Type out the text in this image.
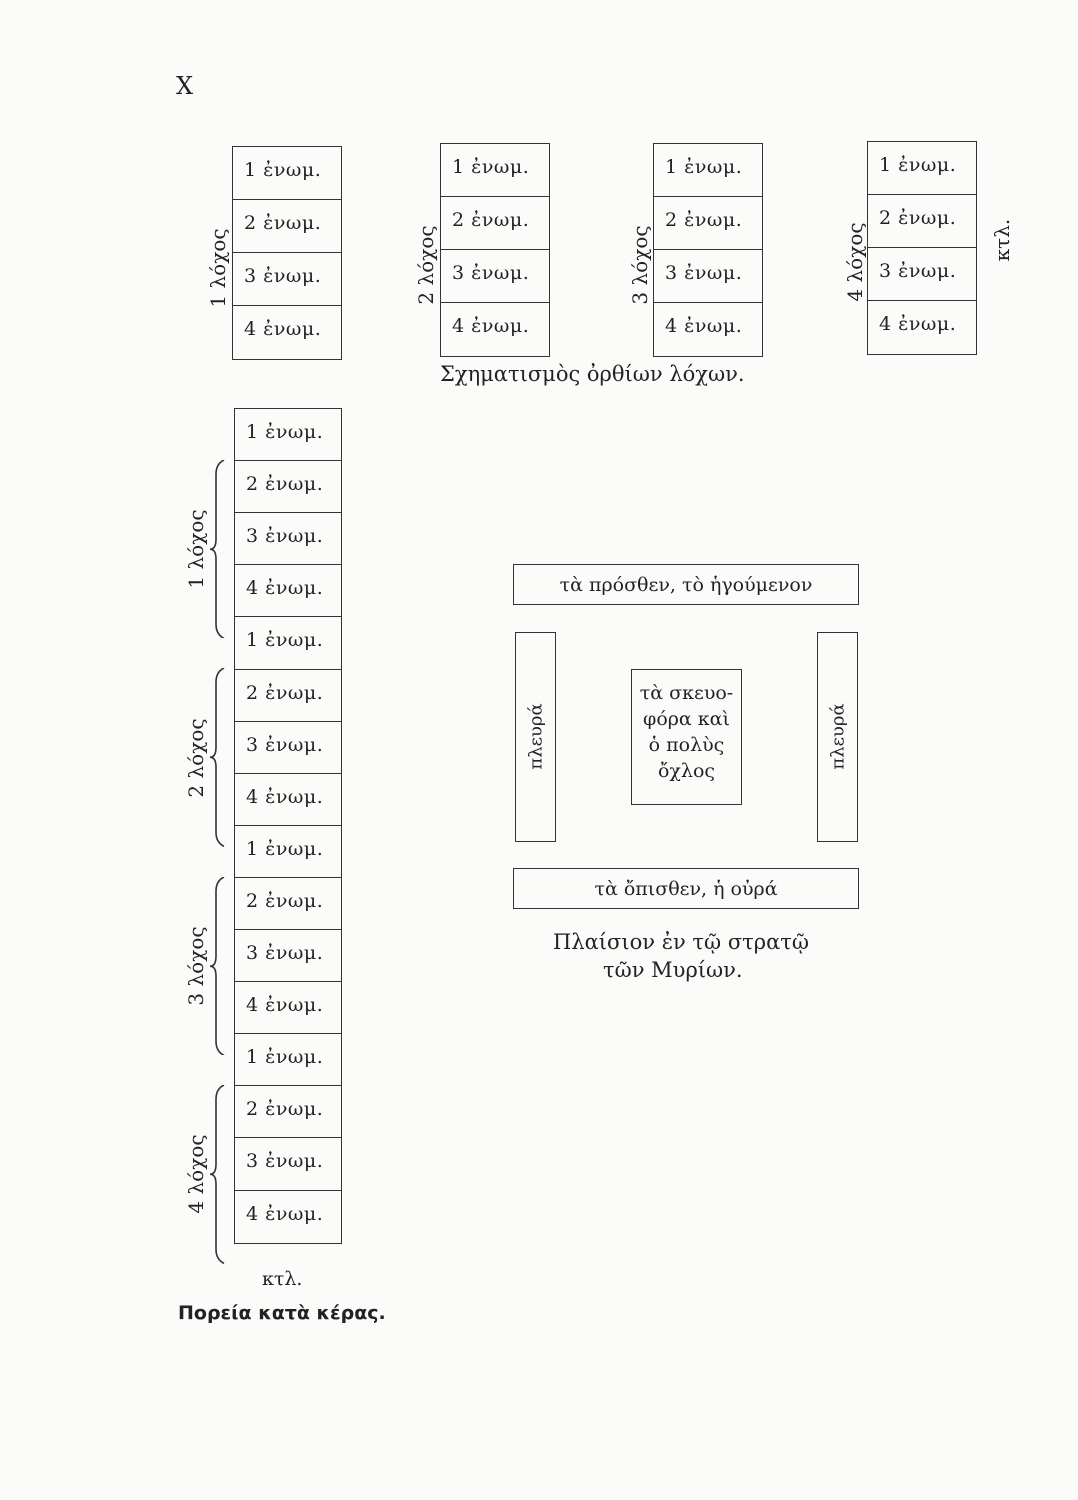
X
Σχηματισμὸς ὀρθίων λόχων.
κτλ.
κτλ.
Πορεία κατὰ κέρας.
τὰ πρόσθεν, τὸ ἡγούμενον
τὰ ὄπισθεν, ἡ οὐρά
πλευρά	πλευρά
τὰ σκευο-
φόρα καὶ
ὁ πολὺς
ὄχλος
Πλαίσιον ἐν τῷ στρατῷ
τῶν Μυρίων.
1 ἐνωμ.
2 ἐνωμ.
3 ἐνωμ.
4 ἐνωμ.
1 λόχος
1 ἐνωμ.
2 ἐνωμ.
3 ἐνωμ.
4 ἐνωμ.
2 λόχος
1 ἐνωμ.
2 ἐνωμ.
3 ἐνωμ.
4 ἐνωμ.
3 λόχος
1 ἐνωμ.
2 ἐνωμ.
3 ἐνωμ.
4 ἐνωμ.
4 λόχος
1 ἐνωμ.
2 ἐνωμ.
3 ἐνωμ.
4 ἐνωμ.
1 λόχος
1 ἐνωμ.
2 ἐνωμ.
3 ἐνωμ.
4 ἐνωμ.
2 λόχος
1 ἐνωμ.
2 ἐνωμ.
3 ἐνωμ.
4 ἐνωμ.
3 λόχος
1 ἐνωμ.
2 ἐνωμ.
3 ἐνωμ.
4 ἐνωμ.
4 λόχος
